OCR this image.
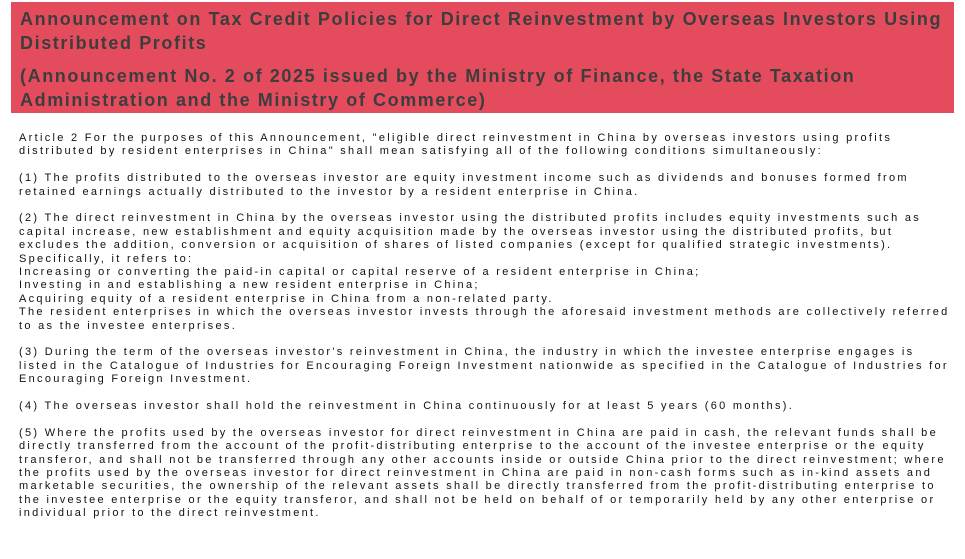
Announcement on Tax Credit Policies for Direct Reinvestment by Overseas Investors Using Distributed Profits
(Announcement No. 2 of 2025 issued by the Ministry of Finance, the State Taxation Administration and the Ministry of Commerce)

Article 2 For the purposes of this Announcement, "eligible direct reinvestment in China by overseas investors using profits distributed by resident enterprises in China" shall mean satisfying all of the following conditions simultaneously:

(1) The profits distributed to the overseas investor are equity investment income such as dividends and bonuses formed from retained earnings actually distributed to the investor by a resident enterprise in China.

(2) The direct reinvestment in China by the overseas investor using the distributed profits includes equity investments such as capital increase, new establishment and equity acquisition made by the overseas investor using the distributed profits, but excludes the addition, conversion or acquisition of shares of listed companies (except for qualified strategic investments). Specifically, it refers to:
Increasing or converting the paid-in capital or capital reserve of a resident enterprise in China;
Investing in and establishing a new resident enterprise in China;
Acquiring equity of a resident enterprise in China from a non-related party.
The resident enterprises in which the overseas investor invests through the aforesaid investment methods are collectively referred to as the investee enterprises.

(3) During the term of the overseas investor's reinvestment in China, the industry in which the investee enterprise engages is listed in the Catalogue of Industries for Encouraging Foreign Investment nationwide as specified in the Catalogue of Industries for Encouraging Foreign Investment.

(4) The overseas investor shall hold the reinvestment in China continuously for at least 5 years (60 months).

(5) Where the profits used by the overseas investor for direct reinvestment in China are paid in cash, the relevant funds shall be directly transferred from the account of the profit-distributing enterprise to the account of the investee enterprise or the equity transferor, and shall not be transferred through any other accounts inside or outside China prior to the direct reinvestment; where the profits used by the overseas investor for direct reinvestment in China are paid in non-cash forms such as in-kind assets and marketable securities, the ownership of the relevant assets shall be directly transferred from the profit-distributing enterprise to the investee enterprise or the equity transferor, and shall not be held on behalf of or temporarily held by any other enterprise or individual prior to the direct reinvestment.
